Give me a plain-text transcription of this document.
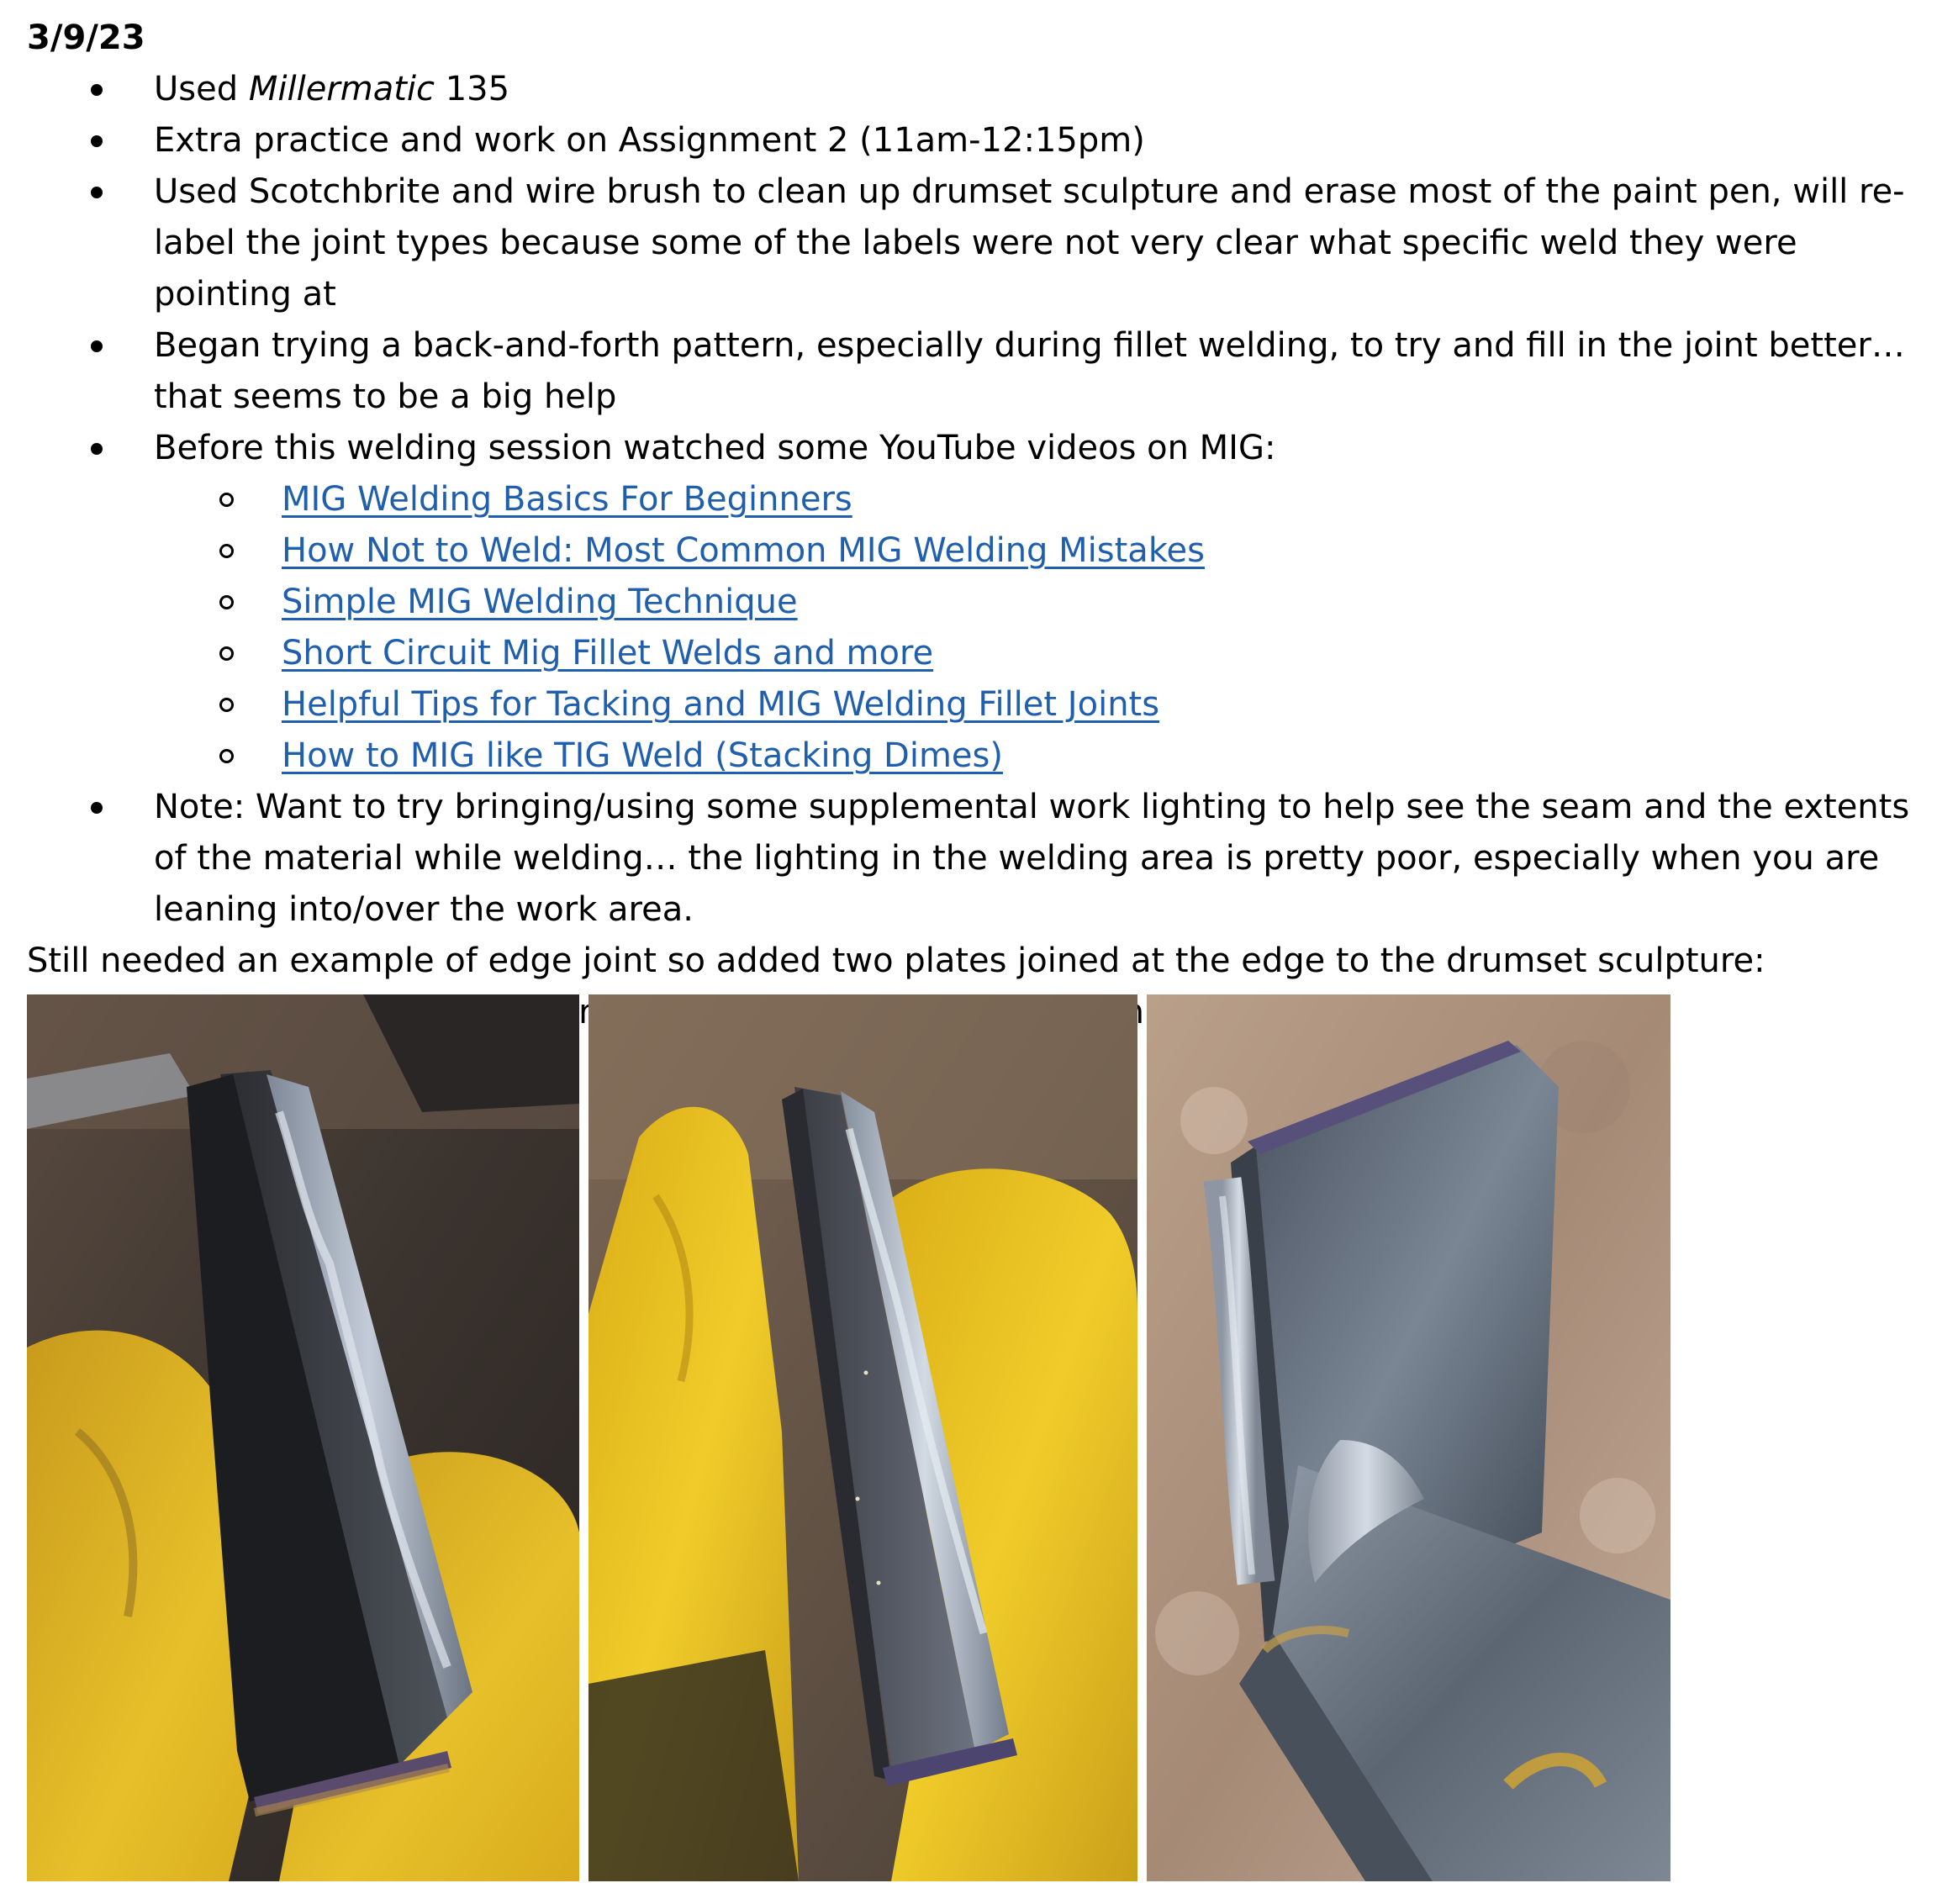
3/9/23
Used Millermatic 135
Extra practice and work on Assignment 2 (11am-12:15pm)
Used Scotchbrite and wire brush to clean up drumset sculpture and erase most of the paint pen, will re-label the joint types because some of the labels were not very clear what specific weld they were pointing at
Began trying a back-and-forth pattern, especially during fillet welding, to try and fill in the joint better… that seems to be a big help
Before this welding session watched some YouTube videos on MIG:
MIG Welding Basics For Beginners
How Not to Weld: Most Common MIG Welding Mistakes
Simple MIG Welding Technique
Short Circuit Mig Fillet Welds and more
Helpful Tips for Tacking and MIG Welding Fillet Joints
How to MIG like TIG Weld (Stacking Dimes)
Note: Want to try bringing/using some supplemental work lighting to help see the seam and the extents of the material while welding… the lighting in the welding area is pretty poor, especially when you are leaning into/over the work area.
Still needed an example of edge joint so added two plates joined at the edge to the drumset sculpture:
while
